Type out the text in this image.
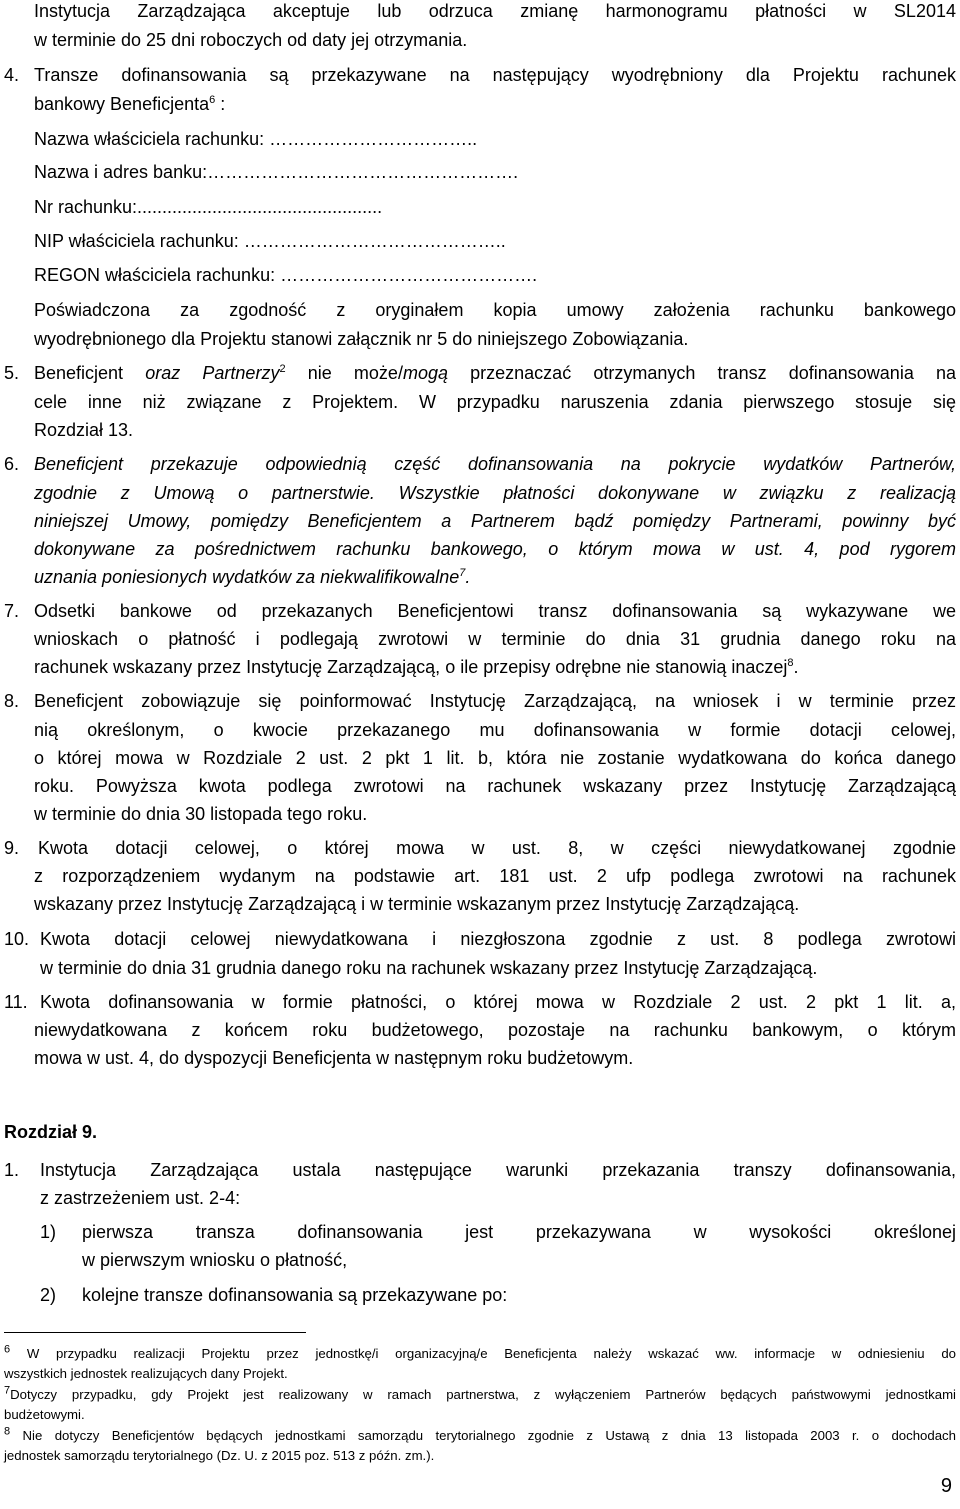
Instytucja Zarządzająca akceptuje lub odrzuca zmianę harmonogramu płatności w SL2014
w terminie do 25 dni roboczych od daty jej otrzymania.
4. Transze dofinansowania są przekazywane na następujący wyodrębniony dla Projektu rachunek
bankowy Beneficjenta$^6$ :
Nazwa właściciela rachunku: ……………………………..
Nazwa i adres banku:…………………………………………….
Nr rachunku:.................................................
NIP właściciela rachunku: ……………………………………..
REGON właściciela rachunku: …………………………………….
Poświadczona za zgodność z oryginałem kopia umowy założenia rachunku bankowego
wyodrębnionego dla Projektu stanowi załącznik nr 5 do niniejszego Zobowiązania.
5. Beneficjent oraz Partnerzy$^2$ nie może/mogą przeznaczać otrzymanych transz dofinansowania na
cele inne niż związane z Projektem. W przypadku naruszenia zdania pierwszego stosuje się
Rozdział 13.
6. Beneficjent przekazuje odpowiednią część dofinansowania na pokrycie wydatków Partnerów,
zgodnie z Umową o partnerstwie. Wszystkie płatności dokonywane w związku z realizacją
niniejszej Umowy, pomiędzy Beneficjentem a Partnerem bądź pomiędzy Partnerami, powinny być
dokonywane za pośrednictwem rachunku bankowego, o którym mowa w ust. 4, pod rygorem
uznania poniesionych wydatków za niekwalifikowalne$^7$.
7. Odsetki bankowe od przekazanych Beneficjentowi transz dofinansowania są wykazywane we
wnioskach o płatność i podlegają zwrotowi w terminie do dnia 31 grudnia danego roku na
rachunek wskazany przez Instytucję Zarządzającą, o ile przepisy odrębne nie stanowią inaczej$^8$.
8. Beneficjent zobowiązuje się poinformować Instytucję Zarządzającą, na wniosek i w terminie przez
nią określonym, o kwocie przekazanego mu dofinansowania w formie dotacji celowej,
o której mowa w Rozdziale 2 ust. 2 pkt 1 lit. b, która nie zostanie wydatkowana do końca danego
roku. Powyższa kwota podlega zwrotowi na rachunek wskazany przez Instytucję Zarządzającą
w terminie do dnia 30 listopada tego roku.
9.	Kwota dotacji celowej, o której mowa w ust. 8, w części niewydatkowanej zgodnie
z rozporządzeniem wydanym na podstawie art. 181 ust. 2 ufp podlega zwrotowi na rachunek
wskazany przez Instytucję Zarządzającą i w terminie wskazanym przez Instytucję Zarządzającą.
10. Kwota dotacji celowej niewydatkowana i niezgłoszona zgodnie z ust. 8 podlega zwrotowi
w terminie do dnia 31 grudnia danego roku na rachunek wskazany przez Instytucję Zarządzającą.
11. Kwota dofinansowania w formie płatności, o której mowa w Rozdziale 2 ust. 2 pkt 1 lit. a,
niewydatkowana z końcem roku budżetowego, pozostaje na rachunku bankowym, o którym
mowa w ust. 4, do dyspozycji Beneficjenta w następnym roku budżetowym.
Rozdział 9.
1.	Instytucja Zarządzająca ustala następujące warunki przekazania transzy dofinansowania,
z zastrzeżeniem ust. 2-4:
1)	pierwsza transza dofinansowania jest przekazywana w wysokości określonej
w pierwszym wniosku o płatność,
2)	kolejne transze dofinansowania są przekazywane po:
$^6$ W przypadku realizacji Projektu przez jednostkę/i organizacyjną/e Beneficjenta należy wskazać ww. informacje w odniesieniu do
wszystkich jednostek realizujących dany Projekt.
$^7$Dotyczy przypadku, gdy Projekt jest realizowany w ramach partnerstwa, z wyłączeniem Partnerów będących państwowymi jednostkami
budżetowymi.
$^8$ Nie dotyczy Beneficjentów będących jednostkami samorządu terytorialnego zgodnie z Ustawą z dnia 13 listopada 2003 r. o dochodach
jednostek samorządu terytorialnego (Dz. U. z 2015 poz. 513 z późn. zm.).
9
